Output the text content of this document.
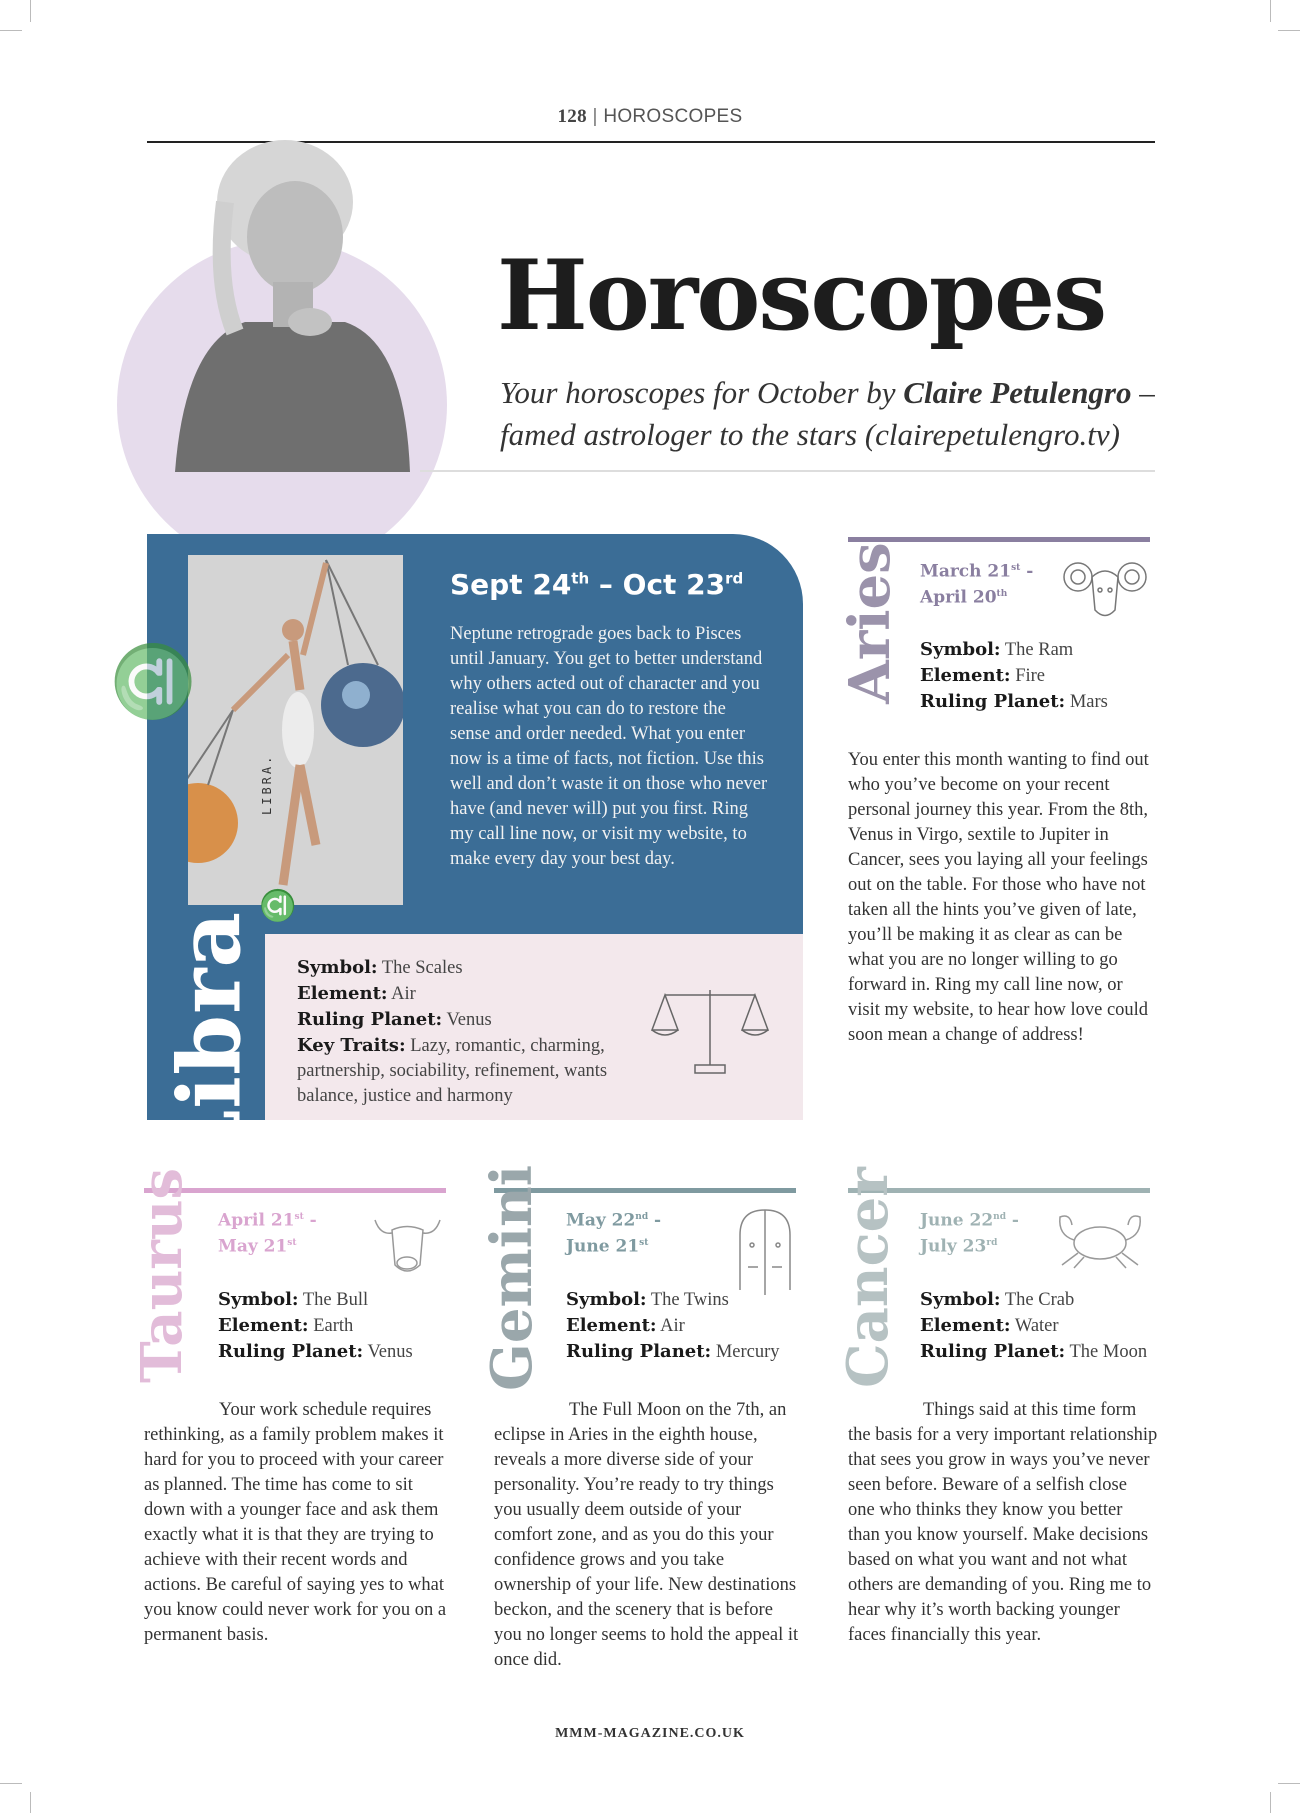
128 | HOROSCOPES
Horoscopes
Your horoscopes for October by Claire Petulengro – famed astrologer to the stars (clairepetulengro.tv)
♎
♎
LIBRA.
Libra
Sept 24th – Oct 23rd
Neptune retrograde goes back to Pisces until January. You get to better understand why others acted out of character and you realise what you can do to restore the sense and order needed. What you enter now is a time of facts, not fiction. Use this well and don’t waste it on those who never have (and never will) put you first. Ring my call line now, or visit my website, to make every day your best day.
Symbol: The Scales
Element: Air
Ruling Planet: Venus
Key Traits: Lazy, romantic, charming, partnership, sociability, refinement, wants balance, justice and harmony
Aries March 21st -
April 20th
Symbol: The Ram
Element: Fire
Ruling Planet: Mars
You enter this month wanting to find out who you’ve become on your recent personal journey this year. From the 8th, Venus in Virgo, sextile to Jupiter in Cancer, sees you laying all your feelings out on the table. For those who have not taken all the hints you’ve given of late, you’ll be making it as clear as can be what you are no longer willing to go forward in. Ring my call line now, or visit my website, to hear how love could soon mean a change of address!
Taurus April 21st -
May 21st
Symbol: The Bull
Element: Earth
Ruling Planet: Venus
Your work schedule requires rethinking, as a family problem makes it hard for you to proceed with your career as planned. The time has come to sit down with a younger face and ask them exactly what it is that they are trying to achieve with their recent words and actions. Be careful of saying yes to what you know could never work for you on a permanent basis.
Gemini May 22nd -
June 21st
Symbol: The Twins
Element: Air
Ruling Planet: Mercury
The Full Moon on the 7th, an eclipse in Aries in the eighth house, reveals a more diverse side of your personality. You’re ready to try things you usually deem outside of your comfort zone, and as you do this your confidence grows and you take ownership of your life. New destinations beckon, and the scenery that is before you no longer seems to hold the appeal it once did.
Cancer June 22nd -
July 23rd
Symbol: The Crab
Element: Water
Ruling Planet: The Moon
Things said at this time form the basis for a very important relationship that sees you grow in ways you’ve never seen before. Beware of a selfish close one who thinks they know you better than you know yourself. Make decisions based on what you want and not what others are demanding of you. Ring me to hear why it’s worth backing younger faces financially this year.
MMM-MAGAZINE.CO.UK
